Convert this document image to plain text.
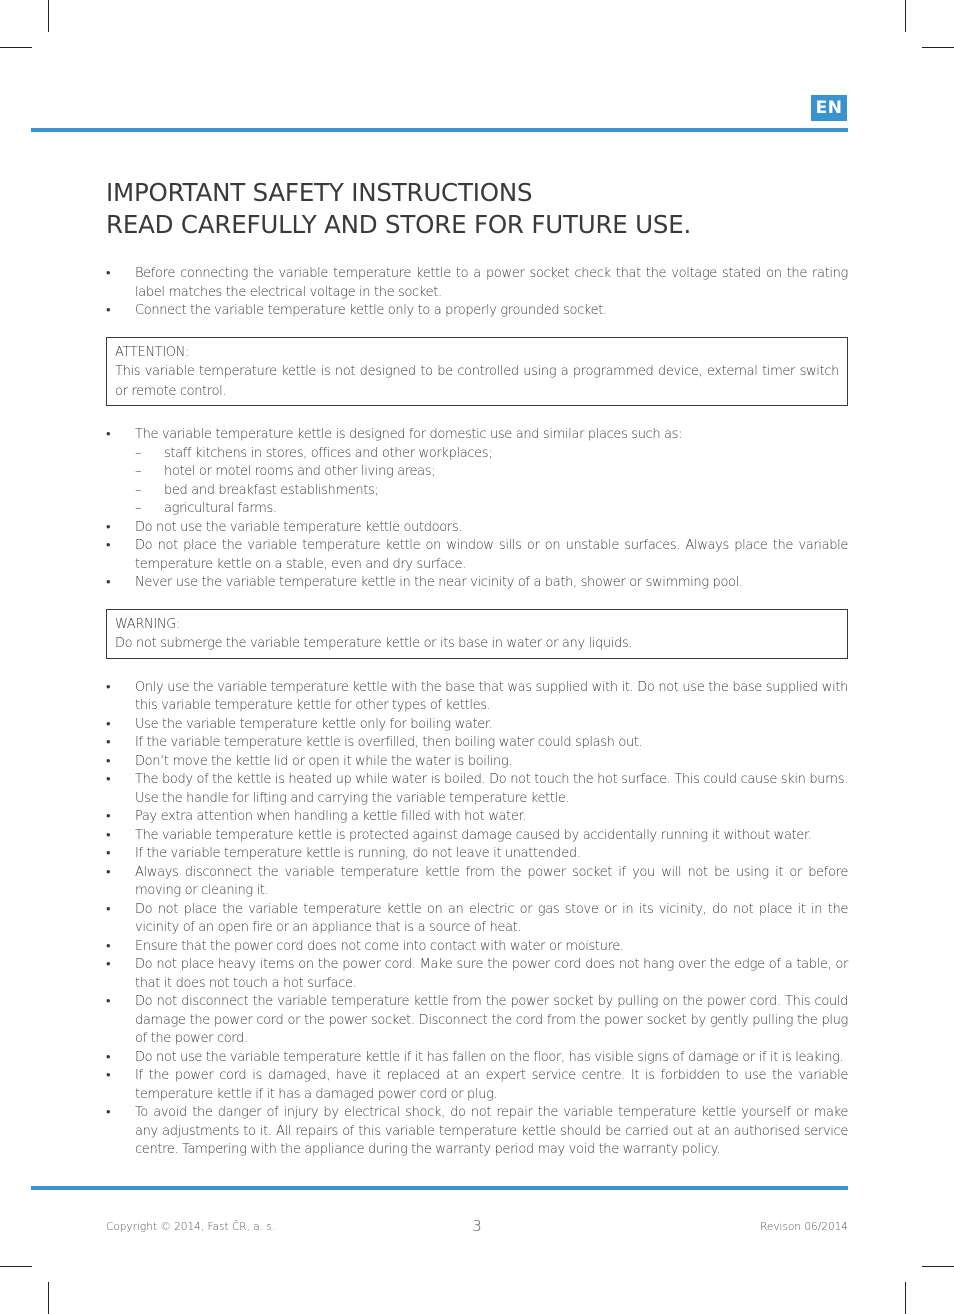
EN
IMPORTANT SAFETY INSTRUCTIONS
READ CAREFULLY AND STORE FOR FUTURE USE.
• Before connecting the variable temperature kettle to a power socket check that the voltage stated on the rating label matches the electrical voltage in the socket.
• Connect the variable temperature kettle only to a properly grounded socket.
ATTENTION:
This variable temperature kettle is not designed to be controlled using a programmed device, external timer switch or remote control.
• The variable temperature kettle is designed for domestic use and similar places such as:
– staff kitchens in stores, offices and other workplaces;
– hotel or motel rooms and other living areas;
– bed and breakfast establishments;
– agricultural farms.
• Do not use the variable temperature kettle outdoors.
• Do not place the variable temperature kettle on window sills or on unstable surfaces. Always place the variable temperature kettle on a stable, even and dry surface.
• Never use the variable temperature kettle in the near vicinity of a bath, shower or swimming pool.
WARNING:
Do not submerge the variable temperature kettle or its base in water or any liquids.
• Only use the variable temperature kettle with the base that was supplied with it. Do not use the base supplied with this variable temperature kettle for other types of kettles.
• Use the variable temperature kettle only for boiling water.
• If the variable temperature kettle is overfilled, then boiling water could splash out.
• Don’t move the kettle lid or open it while the water is boiling.
• The body of the kettle is heated up while water is boiled. Do not touch the hot surface. This could cause skin burns. Use the handle for lifting and carrying the variable temperature kettle.
• Pay extra attention when handling a kettle filled with hot water.
• The variable temperature kettle is protected against damage caused by accidentally running it without water.
• If the variable temperature kettle is running, do not leave it unattended.
• Always disconnect the variable temperature kettle from the power socket if you will not be using it or before moving or cleaning it.
• Do not place the variable temperature kettle on an electric or gas stove or in its vicinity, do not place it in the vicinity of an open fire or an appliance that is a source of heat.
• Ensure that the power cord does not come into contact with water or moisture.
• Do not place heavy items on the power cord. Make sure the power cord does not hang over the edge of a table, or that it does not touch a hot surface.
• Do not disconnect the variable temperature kettle from the power socket by pulling on the power cord. This could damage the power cord or the power socket. Disconnect the cord from the power socket by gently pulling the plug of the power cord.
• Do not use the variable temperature kettle if it has fallen on the floor, has visible signs of damage or if it is leaking.
• If the power cord is damaged, have it replaced at an expert service centre. It is forbidden to use the variable temperature kettle if it has a damaged power cord or plug.
• To avoid the danger of injury by electrical shock, do not repair the variable temperature kettle yourself or make any adjustments to it. All repairs of this variable temperature kettle should be carried out at an authorised service centre. Tampering with the appliance during the warranty period may void the warranty policy.
Copyright © 2014, Fast ČR, a. s.	3	Revison 06/2014
